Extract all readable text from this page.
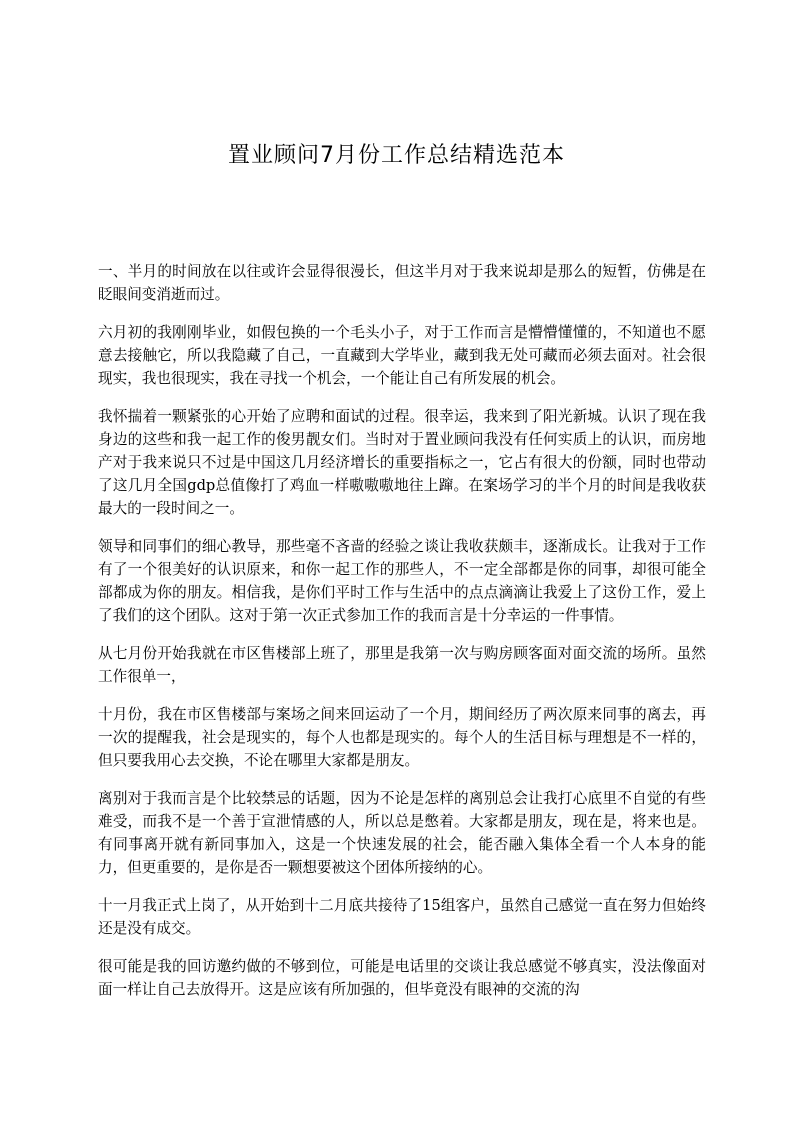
置业顾问7月份工作总结精选范本

一、半月的时间放在以往或许会显得很漫长，但这半月对于我来说却是那么的短暂，仿佛是在眨眼间变消逝而过。

六月初的我刚刚毕业，如假包换的一个毛头小子，对于工作而言是懵懵懂懂的，不知道也不愿意去接触它，所以我隐藏了自己，一直藏到大学毕业，藏到我无处可藏而必须去面对。社会很现实，我也很现实，我在寻找一个机会，一个能让自己有所发展的机会。

我怀揣着一颗紧张的心开始了应聘和面试的过程。很幸运，我来到了阳光新城。认识了现在我身边的这些和我一起工作的俊男靓女们。当时对于置业顾问我没有任何实质上的认识，而房地产对于我来说只不过是中国这几月经济增长的重要指标之一，它占有很大的份额，同时也带动了这几月全国gdp总值像打了鸡血一样嗷嗷嗷地往上蹿。在案场学习的半个月的时间是我收获最大的一段时间之一。

领导和同事们的细心教导，那些毫不吝啬的经验之谈让我收获颇丰，逐渐成长。让我对于工作有了一个很美好的认识原来，和你一起工作的那些人，不一定全部都是你的同事，却很可能全部都成为你的朋友。相信我，是你们平时工作与生活中的点点滴滴让我爱上了这份工作，爱上了我们的这个团队。这对于第一次正式参加工作的我而言是十分幸运的一件事情。

从七月份开始我就在市区售楼部上班了，那里是我第一次与购房顾客面对面交流的场所。虽然工作很单一，

十月份，我在市区售楼部与案场之间来回运动了一个月，期间经历了两次原来同事的离去，再一次的提醒我，社会是现实的，每个人也都是现实的。每个人的生活目标与理想是不一样的，但只要我用心去交换，不论在哪里大家都是朋友。

离别对于我而言是个比较禁忌的话题，因为不论是怎样的离别总会让我打心底里不自觉的有些难受，而我不是一个善于宣泄情感的人，所以总是憋着。大家都是朋友，现在是，将来也是。有同事离开就有新同事加入，这是一个快速发展的社会，能否融入集体全看一个人本身的能力，但更重要的，是你是否一颗想要被这个团体所接纳的心。

十一月我正式上岗了，从开始到十二月底共接待了15组客户，虽然自己感觉一直在努力但始终还是没有成交。

很可能是我的回访邀约做的不够到位，可能是电话里的交谈让我总感觉不够真实，没法像面对面一样让自己去放得开。这是应该有所加强的，但毕竟没有眼神的交流的沟
